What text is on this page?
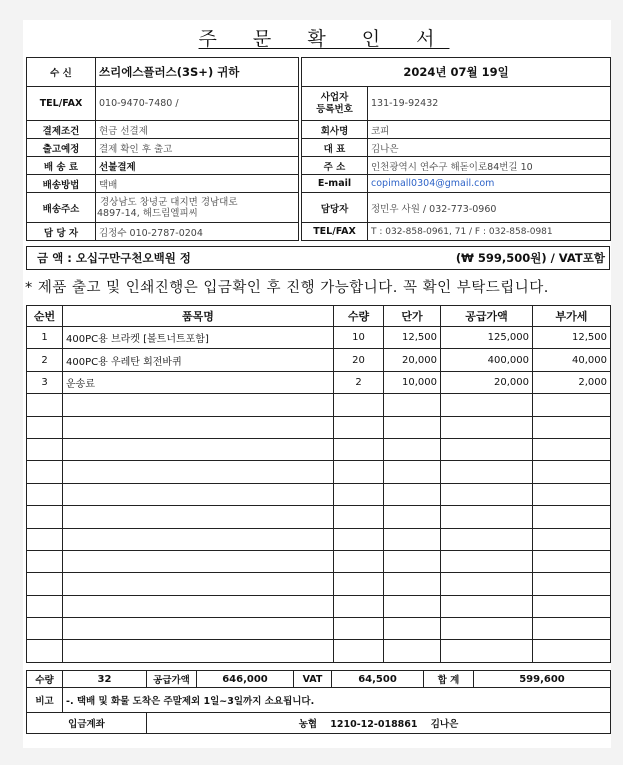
주 문 확 인 서
수 신	쓰리에스플러스(3S+) 귀하
TEL/FAX	010-9470-7480 /
결제조건	현금 선결제
출고예정	결제 확인 후 출고
배 송 료	선불결제
배송방법	택배
배송주소	경상남도 창녕군 대지면 경남대로
4897-14, 해드림엘피씨

담 당 자	김정수 010-2787-0204
2024년 07월 19일	

사업자
등록번호	131-19-92432
회사명	코피
대 표	김나은
주 소	인천광역시 연수구 해돋이로84번길 10
E-mail	copimall0304@gmail.com
담당자	정민우 사원 / 032-773-0960
TEL/FAX	T : 032-858-0961, 71 / F : 032-858-0981
금 액 : 오십구만구천오백원 정	(₩ 599,500원) / VAT포함
* 제품 출고 및 인쇄진행은 입금확인 후 진행 가능합니다. 꼭 확인 부탁드립니다.
순번	품목명	수량	단가	공급가액	부가세
1	400PC용 브라켓 [볼트너트포함]	10	12,500	125,000	12,500
2	400PC용 우레탄 회전바퀴	20	20,000	400,000	40,000
3	운송료	2	10,000	20,000	2,000

수량	32	공급가액	646,000	VAT	64,500	합 계	599,600
비고	-. 택배 및 화물 도착은 주말제외 1일~3일까지 소요됩니다.						
입금계좌		농협    1210-12-018861    김나은					
